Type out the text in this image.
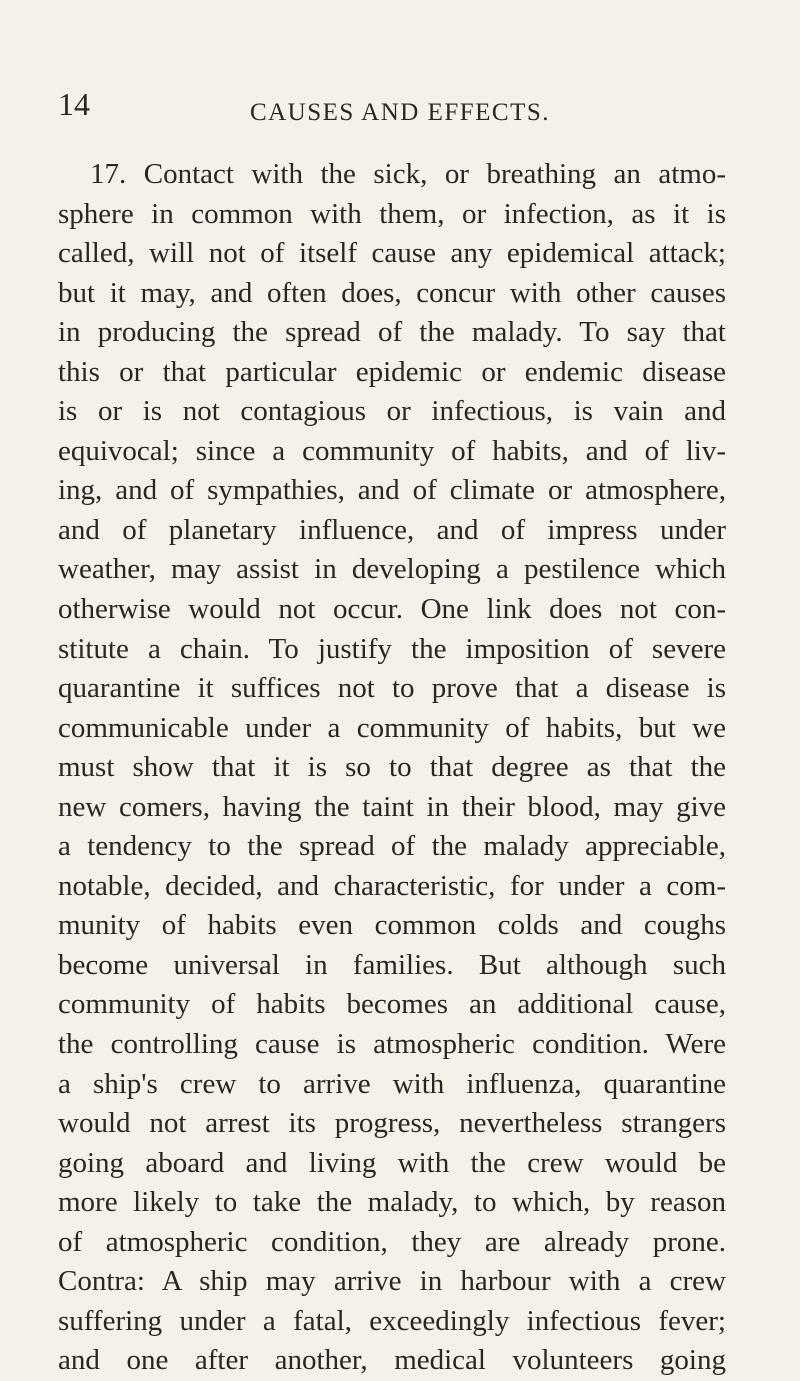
14	CAUSES AND EFFECTS.
17. Contact with the sick, or breathing an atmo-
sphere in common with them, or infection, as it is
called, will not of itself cause any epidemical attack;
but it may, and often does, concur with other causes
in producing the spread of the malady. To say that
this or that particular epidemic or endemic disease
is or is not contagious or infectious, is vain and
equivocal; since a community of habits, and of liv-
ing, and of sympathies, and of climate or atmosphere,
and of planetary influence, and of impress under
weather, may assist in developing a pestilence which
otherwise would not occur. One link does not con-
stitute a chain. To justify the imposition of severe
quarantine it suffices not to prove that a disease is
communicable under a community of habits, but we
must show that it is so to that degree as that the
new comers, having the taint in their blood, may give
a tendency to the spread of the malady appreciable,
notable, decided, and characteristic, for under a com-
munity of habits even common colds and coughs
become universal in families. But although such
community of habits becomes an additional cause,
the controlling cause is atmospheric condition. Were
a ship's crew to arrive with influenza, quarantine
would not arrest its progress, nevertheless strangers
going aboard and living with the crew would be
more likely to take the malady, to which, by reason
of atmospheric condition, they are already prone.
Contra: A ship may arrive in harbour with a crew
suffering under a fatal, exceedingly infectious fever;
and one after another, medical volunteers going
